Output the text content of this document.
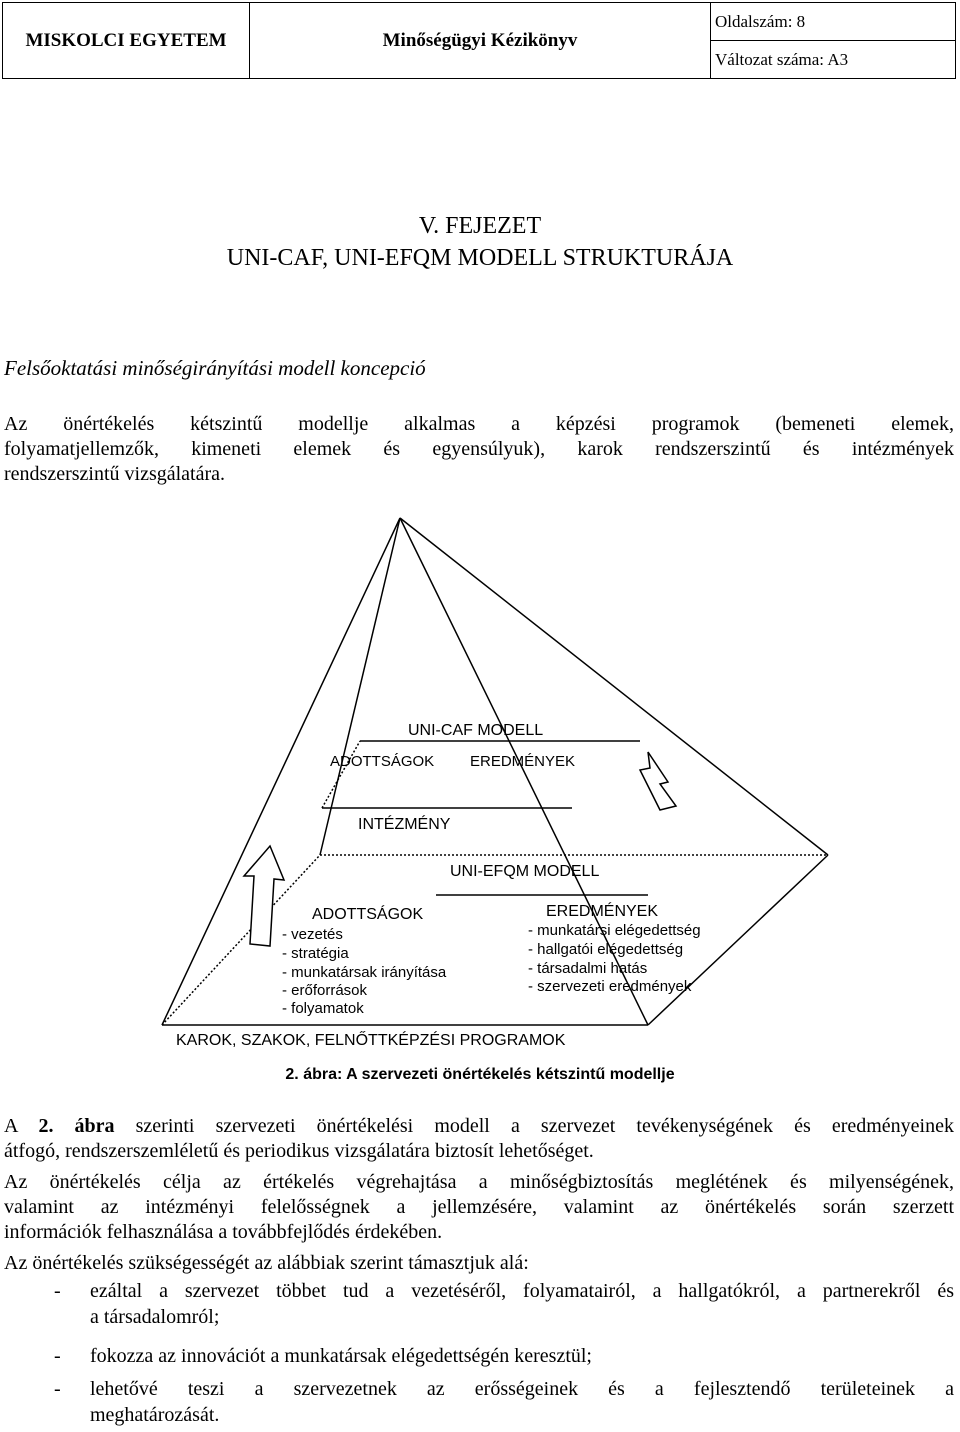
MISKOLCI EGYETEM	Minőségügyi Kézikönyv	Oldalszám: 8
Változat száma: A3
V. FEJEZET
UNI-CAF, UNI-EFQM MODELL STRUKTURÁJA
Felsőoktatási minőségirányítási modell koncepció
Az önértékelés kétszintű modellje alkalmas a képzési programok (bemeneti elemek,
folyamatjellemzők, kimeneti elemek és egyensúlyuk), karok rendszerszintű és intézmények
rendszerszintű vizsgálatára.
UNI-CAF MODELL
ADOTTSÁGOK EREDMÉNYEK
INTÉZMÉNY
UNI-EFQM MODELL
ADOTTSÁGOK
- vezetés
- stratégia
- munkatársak irányítása
- erőforrások
- folyamatok
EREDMÉNYEK
- munkatársi elégedettség
- hallgatói elégedettség
- társadalmi hatás
- szervezeti eredmények
KAROK, SZAKOK, FELNŐTTKÉPZÉSI PROGRAMOK
2. ábra: A szervezeti önértékelés kétszintű modellje
A 2. ábra szerinti szervezeti önértékelési modell a szervezet tevékenységének és eredményeinek
átfogó, rendszerszemléletű és periodikus vizsgálatára biztosít lehetőséget.
Az önértékelés célja az értékelés végrehajtása a minőségbiztosítás meglétének és milyenségének,
valamint az intézményi felelősségnek a jellemzésére, valamint az önértékelés során szerzett
információk felhasználása a továbbfejlődés érdekében.
Az önértékelés szükségességét az alábbiak szerint támasztjuk alá:
- ezáltal a szervezet többet tud a vezetéséről, folyamatairól, a hallgatókról, a partnerekről és
a társadalomról;
- fokozza az innovációt a munkatársak elégedettségén keresztül;
- lehetővé teszi a szervezetnek az erősségeinek és a fejlesztendő területeinek a
meghatározását.
